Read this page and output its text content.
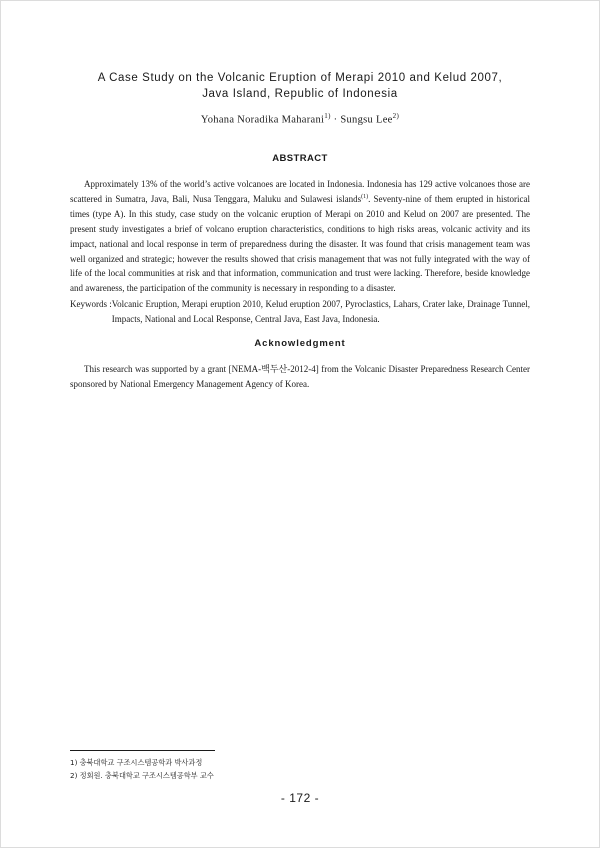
A Case Study on the Volcanic Eruption of Merapi 2010 and Kelud 2007,
Java Island, Republic of Indonesia
Yohana Noradika Maharani$^{1)}$ · Sungsu Lee$^{2)}$
ABSTRACT
Approximately 13% of the world’s active volcanoes are located in Indonesia. Indonesia has 129 active volcanoes those are scattered in Sumatra, Java, Bali, Nusa Tenggara, Maluku and Sulawesi islands$^{(1)}$. Seventy-nine of them erupted in historical times (type A). In this study, case study on the volcanic eruption of Merapi on 2010 and Kelud on 2007 are presented. The present study investigates a brief of volcano eruption characteristics, conditions to high risks areas, volcanic activity and its impact, national and local response in term of preparedness during the disaster. It was found that crisis management team was well organized and strategic; however the results showed that crisis management that was not fully integrated with the way of life of the local communities at risk and that information, communication and trust were lacking. Therefore, beside knowledge and awareness, the participation of the community is necessary in responding to a disaster.
Keywords : Volcanic Eruption, Merapi eruption 2010, Kelud eruption 2007, Pyroclastics, Lahars, Crater lake, Drainage Tunnel, Impacts, National and Local Response, Central Java, East Java, Indonesia.
Acknowledgment
This research was supported by a grant [NEMA-백두산-2012-4] from the Volcanic Disaster Preparedness Research Center sponsored by National Emergency Management Agency of Korea.
1) 충북대학교 구조시스템공학과 박사과정
2) 정회원. 충북대학교 구조시스템공학부 교수
- 172 -
